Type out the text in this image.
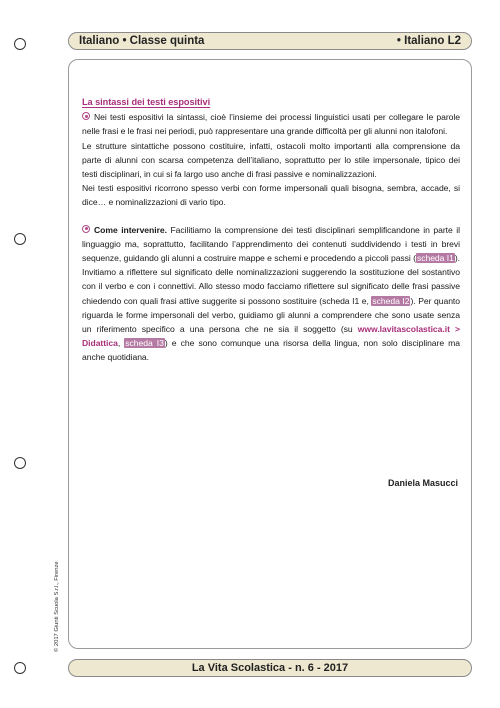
Italiano • Classe quinta	• Italiano L2
La sintassi dei testi espositivi

Nei testi espositivi la sintassi, cioè l’insieme dei processi linguistici usati per collegare le parole nelle frasi e le frasi nei periodi, può rappresentare una grande difficoltà per gli alunni non italofoni.

Le strutture sintattiche possono costituire, infatti, ostacoli molto importanti alla comprensione da parte di alunni con scarsa competenza dell’italiano, soprattutto per lo stile impersonale, tipico dei testi disciplinari, in cui si fa largo uso anche di frasi passive e nominalizzazioni.

Nei testi espositivi ricorrono spesso verbi con forme impersonali quali bisogna, sembra, accade, si dice… e nominalizzazioni di vario tipo.

Come intervenire. Facilitiamo la comprensione dei testi disciplinari semplificandone in parte il linguaggio ma, soprattutto, facilitando l’apprendimento dei contenuti suddividendo i testi in brevi sequenze, guidando gli alunni a costruire mappe e schemi e procedendo a piccoli passi (scheda I1). Invitiamo a riflettere sul significato delle nominalizzazioni suggerendo la sostituzione del sostantivo con il verbo e con i connettivi. Allo stesso modo facciamo riflettere sul significato delle frasi passive chiedendo con quali frasi attive suggerite si possono sostituire (scheda I1 e, scheda I2). Per quanto riguarda le forme impersonali del verbo, guidiamo gli alunni a comprendere che sono usate senza un riferimento specifico a una persona che ne sia il soggetto (su www.lavitascolastica.it > Didattica, scheda I3) e che sono comunque una risorsa della lingua, non solo disciplinare ma anche quotidiana.

Daniela Masucci
© 2017 Giunti Scuola S.r.l., Firenze
La Vita Scolastica - n. 6 - 2017
